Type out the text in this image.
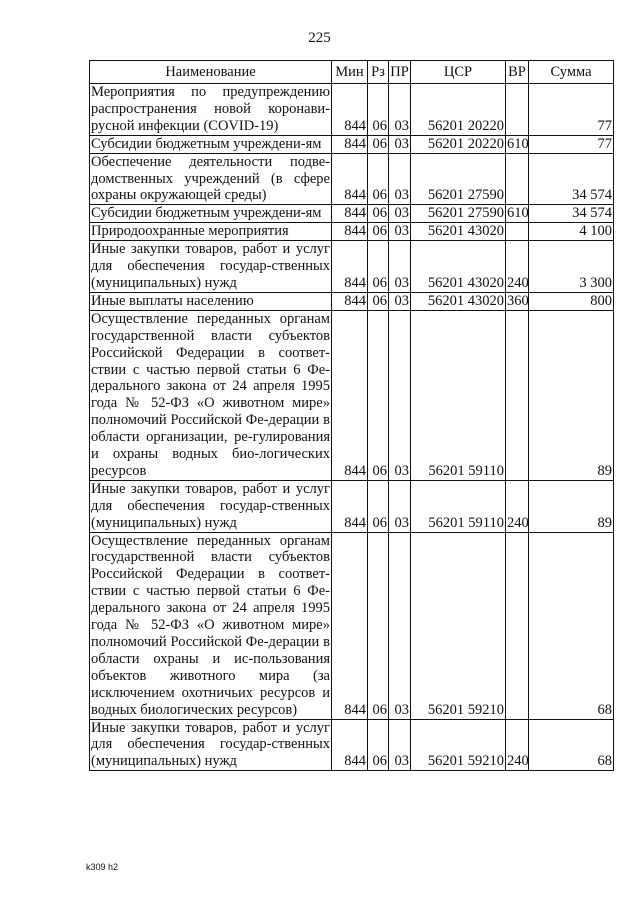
225
Наименование	Мин	Рз	ПР	ЦСР	ВР	Сумма
Мероприятия по предупреждению распространения новой коронави-русной инфекции (COVID-19)	844	06	03	56201 20220		77
Субсидии бюджетным учреждени-ям	844	06	03	56201 20220	610	77
Обеспечение деятельности подве-домственных учреждений (в сфере охраны окружающей среды)	844	06	03	56201 27590		34 574
Субсидии бюджетным учреждени-ям	844	06	03	56201 27590	610	34 574
Природоохранные мероприятия	844	06	03	56201 43020		4 100
Иные закупки товаров, работ и услуг для обеспечения государ-ственных (муниципальных) нужд	844	06	03	56201 43020	240	3 300
Иные выплаты населению	844	06	03	56201 43020	360	800
Осуществление переданных органам государственной власти субъектов Российской Федерации в соответ-ствии с частью первой статьи 6 Фе-дерального закона от 24 апреля 1995 года № 52-ФЗ «О животном мире» полномочий Российской Фе-дерации в области организации, ре-гулирования и охраны водных био-логических ресурсов	844	06	03	56201 59110		89
Иные закупки товаров, работ и услуг для обеспечения государ-ственных (муниципальных) нужд	844	06	03	56201 59110	240	89
Осуществление переданных органам государственной власти субъектов Российской Федерации в соответ-ствии с частью первой статьи 6 Фе-дерального закона от 24 апреля 1995 года № 52-ФЗ «О животном мире» полномочий Российской Фе-дерации в области охраны и ис-пользования объектов животного мира (за исключением охотничьих ресурсов и водных биологических ресурсов)	844	06	03	56201 59210		68
Иные закупки товаров, работ и услуг для обеспечения государ-ственных (муниципальных) нужд	844	06	03	56201 59210	240	68
k309 h2
